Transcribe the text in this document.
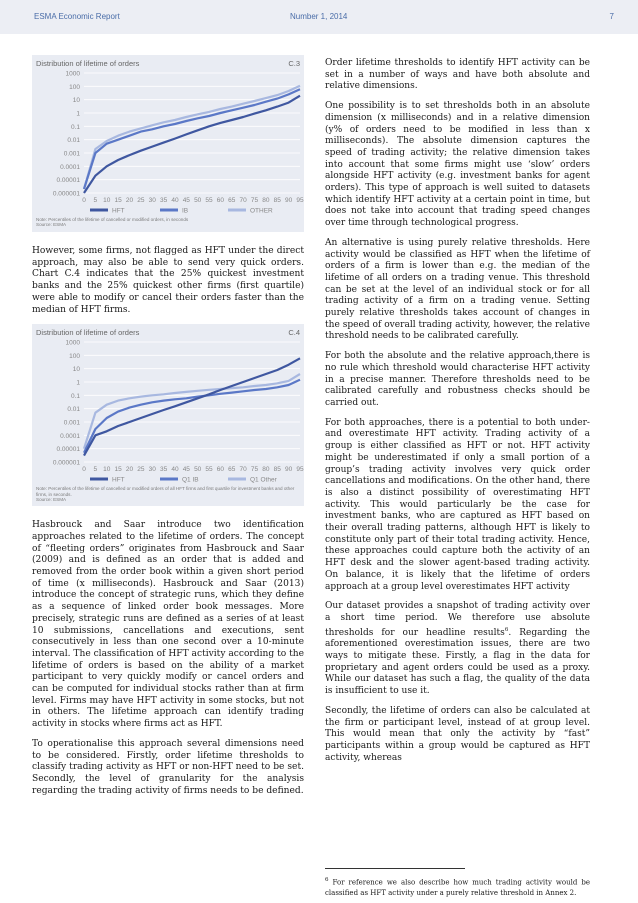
ESMA Economic Report	Number 1, 2014	7
Distribution of lifetime of orders	C.3
1000
100
10
1
0.1
0.01
0.001
0.0001
0.00001
0.000001
0 5 10 15 20 25 30 35 40 45 50 55 60 65 70 75 80 85 90 95
HFT	IB	OTHER
Note: Percentiles of the lifetime of cancelled or modified orders, in seconds
Source: ESMA

However, some firms, not flagged as HFT under the direct approach, may also be able to send very quick orders. Chart C.4 indicates that the 25% quickest investment banks and the 25% quickest other firms (first quartile) were able to modify or cancel their orders faster than the median of HFT firms.

Distribution of lifetime of orders	C.4
1000
100
10
1
0.1
0.01
0.001
0.0001
0.00001
0.000001
0 5 10 15 20 25 30 35 40 45 50 55 60 65 70 75 80 85 90 95
HFT	Q1 IB	Q1 Other
Note: Percentiles of the lifetime of cancelled or modified orders of all HFT firms and first quartile for investment banks and other firms, in seconds.
Source: ESMA

Hasbrouck and Saar introduce two identification approaches related to the lifetime of orders. The concept of “fleeting orders” originates from Hasbrouck and Saar (2009) and is defined as an order that is added and removed from the order book within a given short period of time (x milliseconds). Hasbrouck and Saar (2013) introduce the concept of strategic runs, which they define as a sequence of linked order book messages. More precisely, strategic runs are defined as a series of at least 10 submissions, cancellations and executions, sent consecutively in less than one second over a 10-minute interval. The classification of HFT activity according to the lifetime of orders is based on the ability of a market participant to very quickly modify or cancel orders and can be computed for individual stocks rather than at firm level. Firms may have HFT activity in some stocks, but not in others. The lifetime approach can identify trading activity in stocks where firms act as HFT.

To operationalise this approach several dimensions need to be considered. Firstly, order lifetime thresholds to classify trading activity as HFT or non-HFT need to be set. Secondly, the level of granularity for the analysis regarding the trading activity of firms needs to be defined.

Order lifetime thresholds to identify HFT activity can be set in a number of ways and have both absolute and relative dimensions.

One possibility is to set thresholds both in an absolute dimension (x milliseconds) and in a relative dimension (y% of orders need to be modified in less than x milliseconds). The absolute dimension captures the speed of trading activity; the relative dimension takes into account that some firms might use ‘slow’ orders alongside HFT activity (e.g. investment banks for agent orders). This type of approach is well suited to datasets which identify HFT activity at a certain point in time, but does not take into account that trading speed changes over time through technological progress.

An alternative is using purely relative thresholds. Here activity would be classified as HFT when the lifetime of orders of a firm is lower than e.g. the median of the lifetime of all orders on a trading venue. This threshold can be set at the level of an individual stock or for all trading activity of a firm on a trading venue. Setting purely relative thresholds takes account of changes in the speed of overall trading activity, however, the relative threshold needs to be calibrated carefully.

For both the absolute and the relative approach,there is no rule which threshold would characterise HFT activity in a precise manner. Therefore thresholds need to be calibrated carefully and robustness checks should be carried out.

For both approaches, there is a potential to both under- and overestimate HFT activity. Trading activity of a group is either classified as HFT or not. HFT activity might be underestimated if only a small portion of a group’s trading activity involves very quick order cancellations and modifications. On the other hand, there is also a distinct possibility of overestimating HFT activity. This would particularly be the case for investment banks, who are captured as HFT based on their overall trading patterns, although HFT is likely to constitute only part of their total trading activity. Hence, these approaches could capture both the activity of an HFT desk and the slower agent-based trading activity. On balance, it is likely that the lifetime of orders approach at a group level overestimates HFT activity

Our dataset provides a snapshot of trading activity over a short time period. We therefore use absolute thresholds for our headline results$^6$. Regarding the aforementioned overestimation issues, there are two ways to mitigate these. Firstly, a flag in the data for proprietary and agent orders could be used as a proxy. While our dataset has such a flag, the quality of the data is insufficient to use it.

Secondly, the lifetime of orders can also be calculated at the firm or participant level, instead of at group level. This would mean that only the activity by “fast” participants within a group would be captured as HFT activity, whereas

$^6$ For reference we also describe how much trading activity would be classified as HFT activity under a purely relative threshold in Annex 2.
